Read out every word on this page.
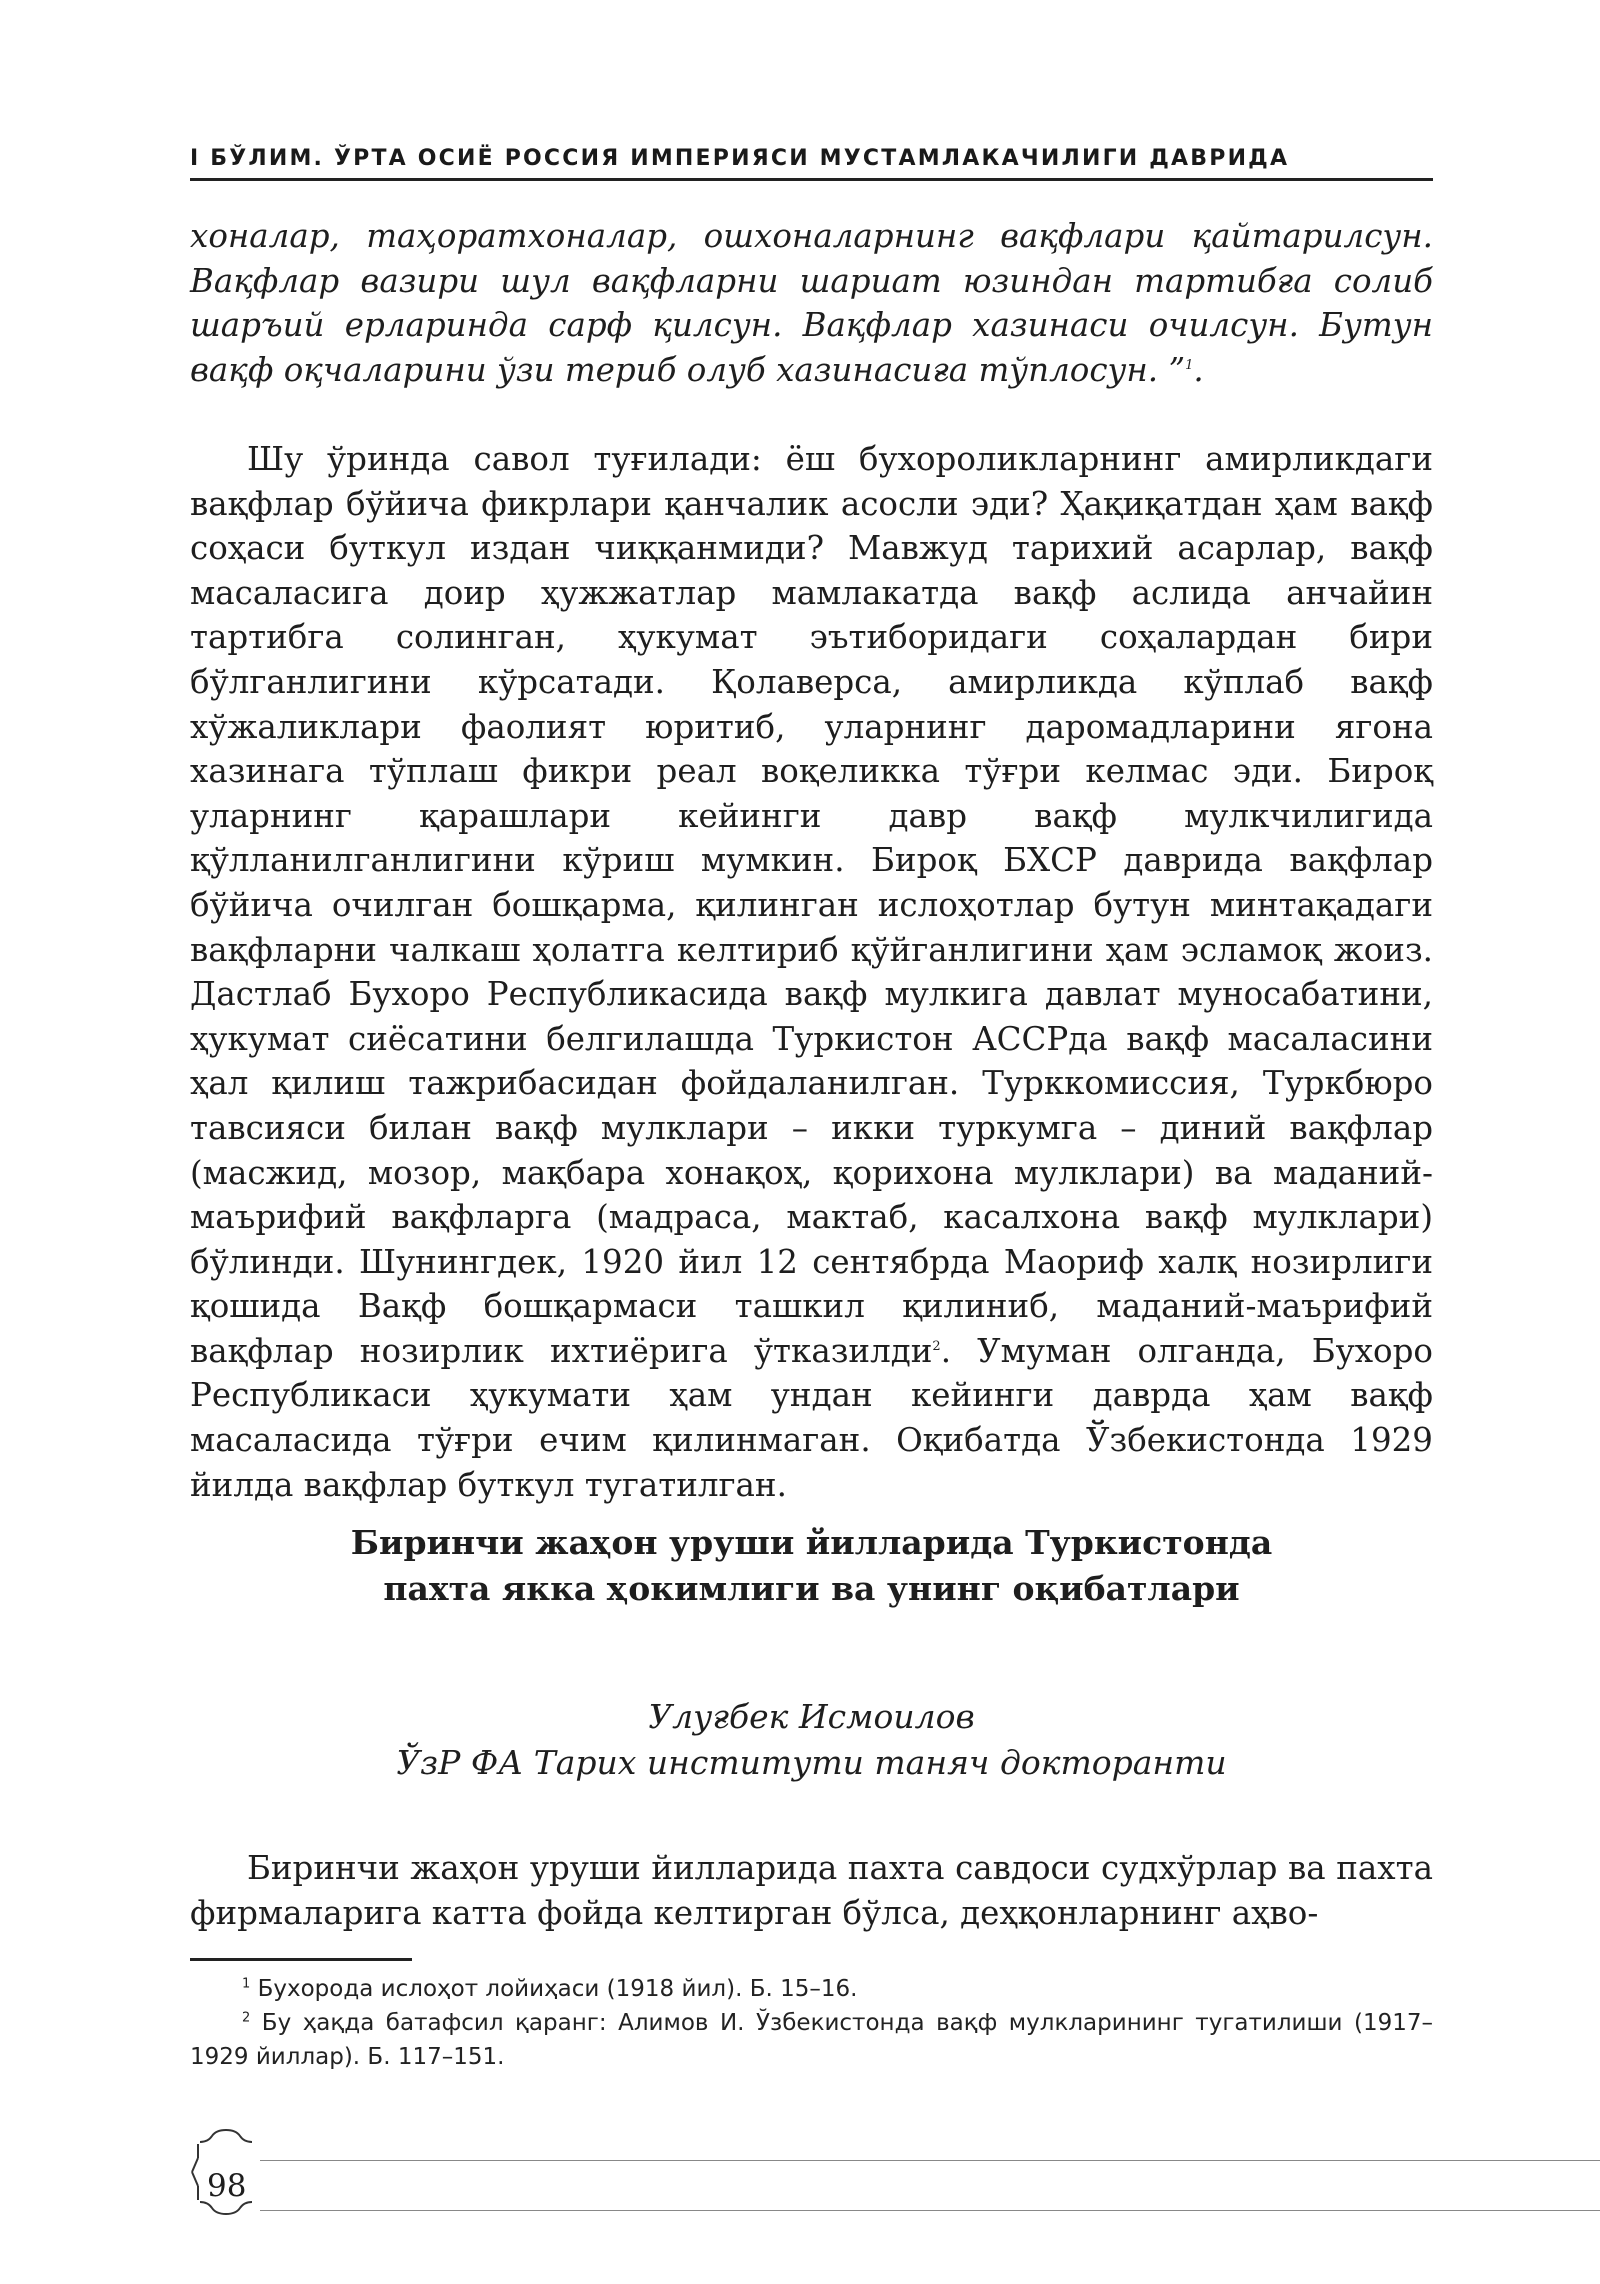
I БЎЛИМ. ЎРТА ОСИЁ РОССИЯ ИМПЕРИЯСИ МУСТАМЛАКАЧИЛИГИ ДАВРИДА

хоналар, таҳоратхоналар, ошхоналарнинг вақфлари қайтарилсун. Вақфлар вазири шул вақфларни шариат юзиндан тартибға солиб шаръий ерларинда сарф қилсун. Вақфлар хазинаси очилсун. Бутун вақф оқчаларини ўзи териб олуб хазинасиға тўплосун. ”$^1$.

Шу ўринда савол туғилади: ёш бухороликларнинг амирликдаги вақфлар бўйича фикрлари қанчалик асосли эди? Ҳақиқатдан ҳам вақф соҳаси буткул издан чиққанмиди? Мавжуд тарихий асарлар, вақф масаласига доир ҳужжатлар мамлакатда вақф аслида анчайин тартибга солинган, ҳукумат эътиборидаги соҳалардан бири бўлганлигини кўрсатади. Қолаверса, амирликда кўплаб вақф хўжаликлари фаолият юритиб, уларнинг даромадларини ягона хазинага тўплаш фикри реал воқеликка тўғри келмас эди. Бироқ уларнинг қарашлари кейинги давр вақф мулкчилигида қўлланилганлигини кўриш мумкин. Бироқ БХСР даврида вақфлар бўйича очилган бошқарма, қилинган ислоҳотлар бутун минтақадаги вақфларни чалкаш ҳолатга келтириб қўйганлигини ҳам эсламоқ жоиз. Дастлаб Бухоро Республикасида вақф мулкига давлат муносабатини, ҳукумат сиёсатини белгилашда Туркистон АССРда вақф масаласини ҳал қилиш тажрибасидан фойдаланилган. Турккомиссия, Туркбюро тавсияси билан вақф мулклари – икки туркумга – диний вақфлар (масжид, мозор, мақбара хонақоҳ, қорихона мулклари) ва маданий-маърифий вақфларга (мадраса, мактаб, касалхона вақф мулклари) бўлинди. Шунингдек, 1920 йил 12 сентябрда Маориф халқ нозирлиги қошида Вақф бошқармаси ташкил қилиниб, маданий-маърифий вақфлар нозирлик ихтиёрига ўтказилди$^2$. Умуман олганда, Бухоро Республикаси ҳукумати ҳам ундан кейинги даврда ҳам вақф масаласида тўғри ечим қилинмаган. Оқибатда Ўзбекистонда 1929 йилда вақфлар буткул тугатилган.

Биринчи жаҳон уруши йилларида Туркистонда
пахта якка ҳокимлиги ва унинг оқибатлари
Улуғбек Исмоилов
ЎзР ФА Тарих институти таняч докторанти

Биринчи жаҳон уруши йилларида пахта савдоси судхўрлар ва пахта фирмаларига катта фойда келтирган бўлса, деҳқонларнинг аҳво-

$^1$ Бухорода ислоҳот лойиҳаси (1918 йил). Б. 15–16.

$^2$ Бу ҳақда батафсил қаранг: Алимов И. Ўзбекистонда вақф мулкларининг тугатилиши (1917–1929 йиллар). Б. 117–151.

98
